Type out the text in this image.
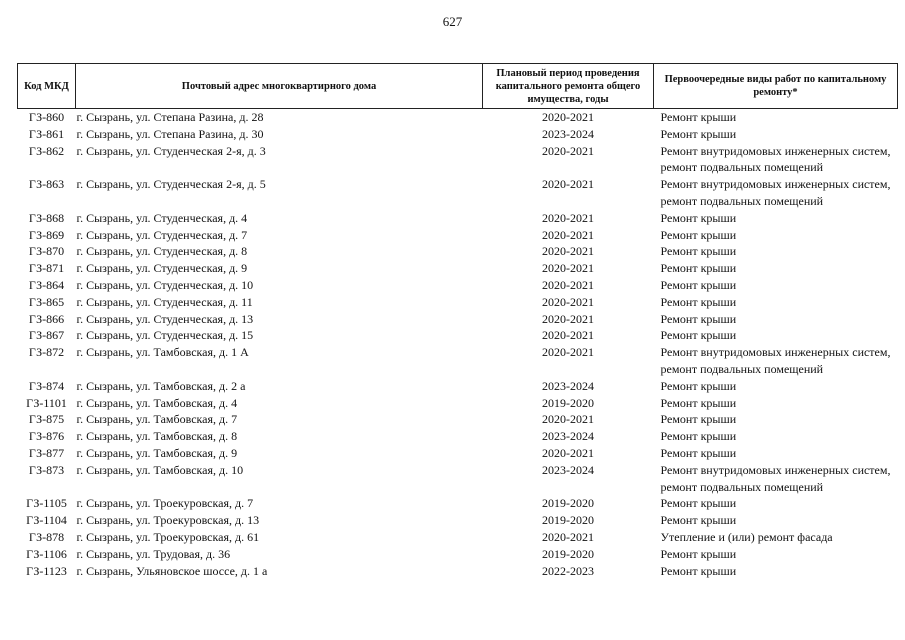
627
Код МКД	Почтовый адрес многоквартирного дома	Плановый период проведения капитального ремонта общего имущества, годы	Первоочередные виды работ по капитальному ремонту*
ГЗ-860	г. Сызрань, ул. Степана Разина, д. 28	2020-2021	Ремонт крыши
ГЗ-861	г. Сызрань, ул. Степана Разина, д. 30	2023-2024	Ремонт крыши
ГЗ-862	г. Сызрань, ул. Студенческая 2-я, д. 3	2020-2021	Ремонт внутридомовых инженерных систем, ремонт подвальных помещений
ГЗ-863	г. Сызрань, ул. Студенческая 2-я, д. 5	2020-2021	Ремонт внутридомовых инженерных систем, ремонт подвальных помещений
ГЗ-868	г. Сызрань, ул. Студенческая, д. 4	2020-2021	Ремонт крыши
ГЗ-869	г. Сызрань, ул. Студенческая, д. 7	2020-2021	Ремонт крыши
ГЗ-870	г. Сызрань, ул. Студенческая, д. 8	2020-2021	Ремонт крыши
ГЗ-871	г. Сызрань, ул. Студенческая, д. 9	2020-2021	Ремонт крыши
ГЗ-864	г. Сызрань, ул. Студенческая, д. 10	2020-2021	Ремонт крыши
ГЗ-865	г. Сызрань, ул. Студенческая, д. 11	2020-2021	Ремонт крыши
ГЗ-866	г. Сызрань, ул. Студенческая, д. 13	2020-2021	Ремонт крыши
ГЗ-867	г. Сызрань, ул. Студенческая, д. 15	2020-2021	Ремонт крыши
ГЗ-872	г. Сызрань, ул. Тамбовская, д. 1 А	2020-2021	Ремонт внутридомовых инженерных систем, ремонт подвальных помещений
ГЗ-874	г. Сызрань, ул. Тамбовская, д. 2 а	2023-2024	Ремонт крыши
ГЗ-1101	г. Сызрань, ул. Тамбовская, д. 4	2019-2020	Ремонт крыши
ГЗ-875	г. Сызрань, ул. Тамбовская, д. 7	2020-2021	Ремонт крыши
ГЗ-876	г. Сызрань, ул. Тамбовская, д. 8	2023-2024	Ремонт крыши
ГЗ-877	г. Сызрань, ул. Тамбовская, д. 9	2020-2021	Ремонт крыши
ГЗ-873	г. Сызрань, ул. Тамбовская, д. 10	2023-2024	Ремонт внутридомовых инженерных систем, ремонт подвальных помещений
ГЗ-1105	г. Сызрань, ул. Троекуровская, д. 7	2019-2020	Ремонт крыши
ГЗ-1104	г. Сызрань, ул. Троекуровская, д. 13	2019-2020	Ремонт крыши
ГЗ-878	г. Сызрань, ул. Троекуровская, д. 61	2020-2021	Утепление и (или) ремонт фасада
ГЗ-1106	г. Сызрань, ул. Трудовая, д. 36	2019-2020	Ремонт крыши
ГЗ-1123	г. Сызрань, Ульяновское шоссе, д. 1 а	2022-2023	Ремонт крыши
